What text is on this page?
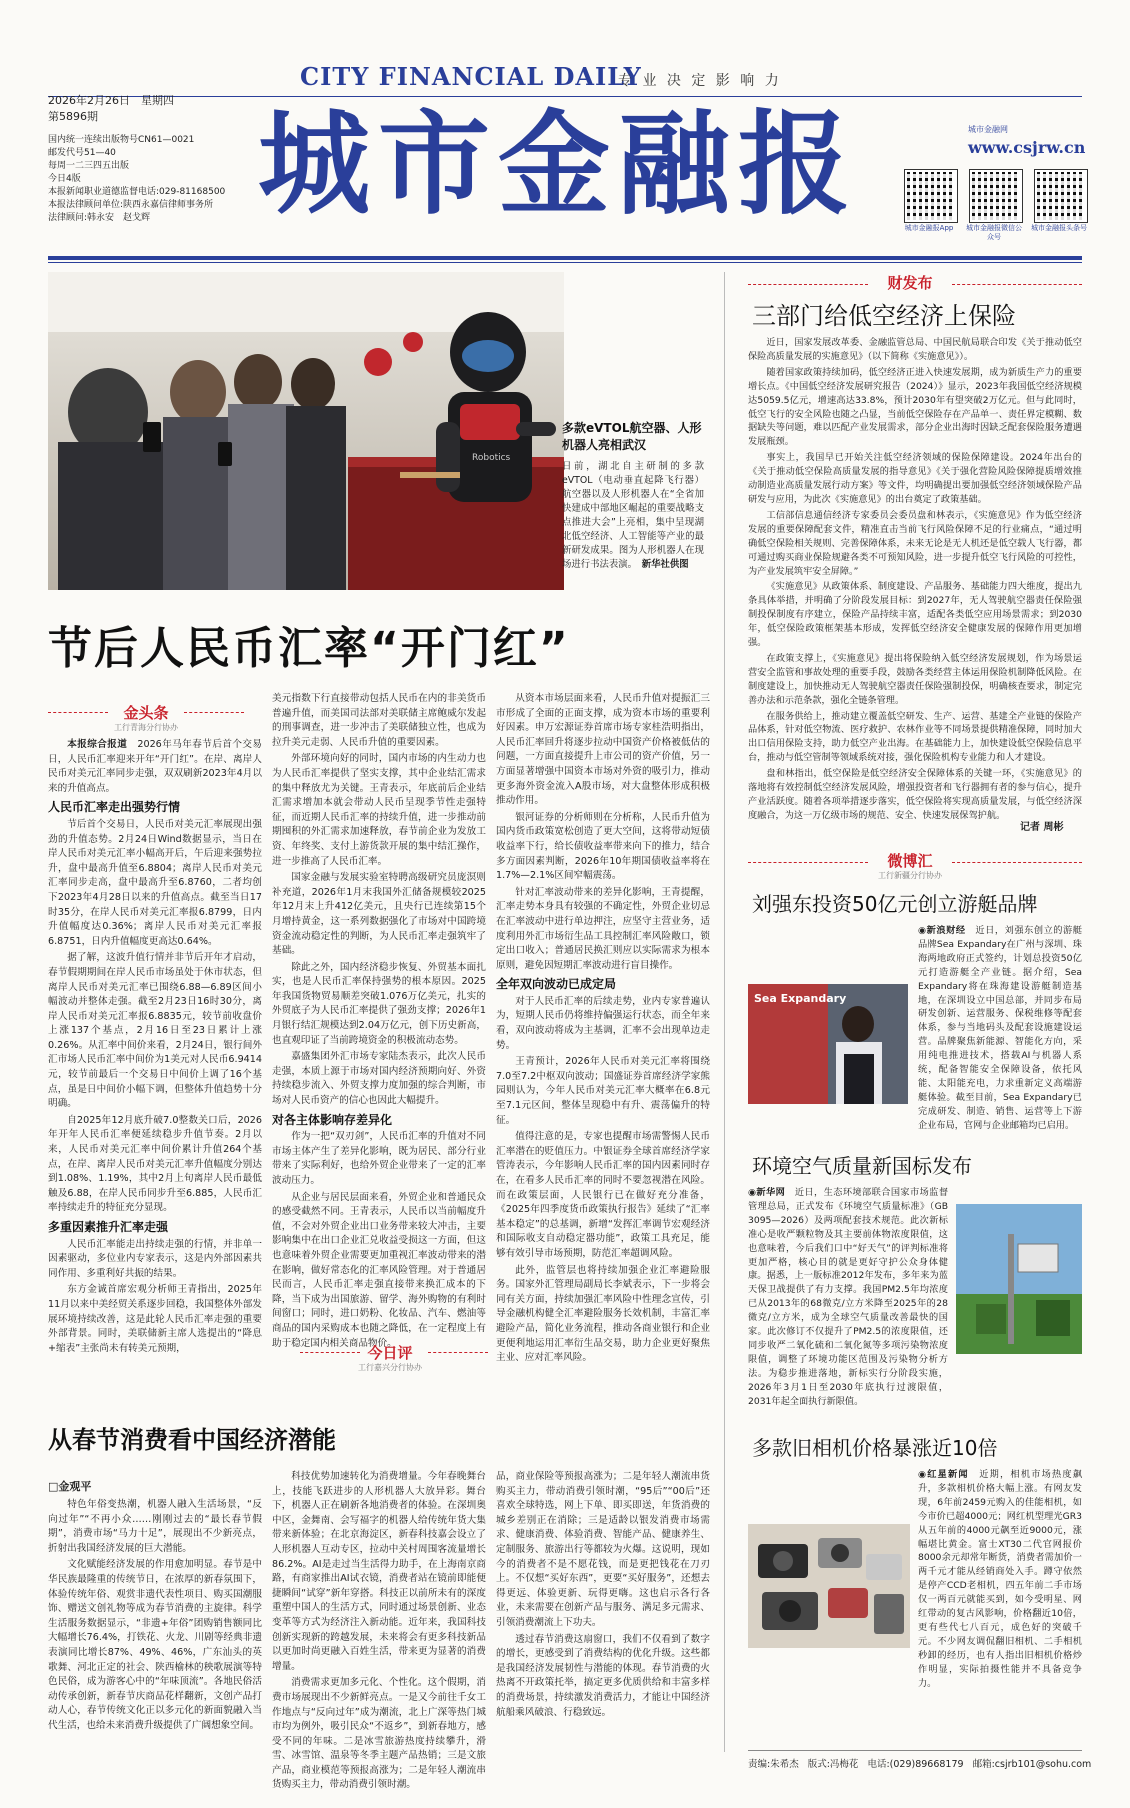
CITY FINANCIAL DAILY
专 业 决 定 影 响 力
2026年2月26日　 星期四
第5896期
国内统一连续出版物号CN61—0021
邮发代号51—40
每周一二三四五出版
今日4版
本报新闻职业道德监督电话:029-81168500
本报法律顾问单位:陕西永嘉信律师事务所
法律顾问:韩永安　赵戈辉 城市金融报	城市金融网
www.csjrw.cn
城市金融报App	城市金融报微信公众号
城市金融报头条号
Robotics
多款eVTOL航空器、人形机器人亮相武汉
日前，湖北自主研制的多款eVTOL（电动垂直起降飞行器）航空器以及人形机器人在“全省加快建成中部地区崛起的重要战略支点推进大会”上亮相，集中呈现湖北低空经济、人工智能等产业的最新研发成果。图为人形机器人在现场进行书法表演。　 新华社供图
节后人民币汇率“开门红”
金头条
工行青海分行协办

本报综合报道　 2026年马年春节后首个交易日，人民币汇率迎来开年“开门红”。在岸、离岸人民币对美元汇率同步走强，双双刷新2023年4月以来的升值高点。

人民币汇率走出强势行情

节后首个交易日，人民币对美元汇率展现出强劲的升值态势。2月24日Wind数据显示，当日在岸人民币对美元汇率小幅高开后，午后迎来强势拉升，盘中最高升值至6.8804；离岸人民币对美元汇率同步走高，盘中最高升至6.8760，二者均创下2023年4月28日以来的升值高点。截至当日17时35分，在岸人民币对美元汇率报6.8799，日内升值幅度达0.36%；离岸人民币对美元汇率报6.8751，日内升值幅度更高达0.64%。

据了解，这波升值行情并非节后开年才启动，春节假期期间在岸人民币市场虽处于休市状态，但离岸人民币对美元汇率已围绕6.88—6.89区间小幅波动并整体走强。截至2月23日16时30分，离岸人民币对美元汇率报6.8835元，较节前收盘价上涨137个基点，2月16日至23日累计上涨0.26%。从汇率中间价来看，2月24日，银行间外汇市场人民币汇率中间价为1美元对人民币6.9414元，较节前最后一个交易日中间价上调了16个基点，虽是日中间价小幅下调，但整体升值趋势十分明确。

自2025年12月底升破7.0整数关口后，2026年开年人民币汇率便延续稳步升值节奏。2月以来，人民币对美元汇率中间价累计升值264个基点，在岸、离岸人民币对美元汇率升值幅度分别达到1.08%、1.19%，其中2月上旬离岸人民币最低触及6.88，在岸人民币同步升至6.885，人民币汇率持续走升的特征充分显现。

多重因素推升汇率走强

人民币汇率能走出持续走强的行情，并非单一因素驱动，多位业内专家表示，这是内外部因素共同作用、多重利好共振的结果。

东方金诚首席宏观分析师王青指出，2025年11月以来中美经贸关系逐步回稳，我国整体外部发展环境持续改善，这是此轮人民币汇率走强的重要外部背景。同时，美联储新主席人选提出的“降息+缩表”主张尚未有转美元预期，

美元指数下行直接带动包括人民币在内的非美货币普遍升值，而美国司法部对美联储主席鲍威尔发起的刑事调查，进一步冲击了美联储独立性，也成为拉升美元走弱、人民币升值的重要因素。

外部环境向好的同时，国内市场的内生动力也为人民币汇率提供了坚实支撑，其中企业结汇需求的集中释放尤为关键。王青表示，年底前后企业结汇需求增加本就会带动人民币呈现季节性走强特征，而近期人民币汇率的持续升值，进一步推动前期囤积的外汇需求加速释放，春节前企业为发放工资、年终奖、支付上游货款开展的集中结汇操作，进一步推高了人民币汇率。

国家金融与发展实验室特聘高级研究员庞溟则补充道，2026年1月末我国外汇储备规模较2025年12月末上升412亿美元，且央行已连续第15个月增持黄金，这一系列数据强化了市场对中国跨境资金流动稳定性的判断，为人民币汇率走强筑牢了基础。

除此之外，国内经济稳步恢复、外贸基本面扎实，也是人民币汇率保持强势的根本原因。2025年我国货物贸易顺差突破1.076万亿美元，扎实的外贸底子为人民币汇率提供了强劲支撑；2026年1月银行结汇规模达到2.04万亿元，创下历史新高，也直观印证了当前跨境资金的积极流动态势。

嘉盛集团外汇市场专家陆杰表示，此次人民币走强，本质上源于市场对国内经济预期向好、外资持续稳步流入、外贸支撑力度加强的综合判断，市场对人民币资产的信心也因此大幅提升。

对各主体影响存差异化

作为一把“双刃剑”，人民币汇率的升值对不同市场主体产生了差异化影响，既为居民、部分行业带来了实际利好，也给外贸企业带来了一定的汇率波动压力。

从企业与居民层面来看，外贸企业和普通民众的感受截然不同。王青表示，人民币以当前幅度升值，不会对外贸企业出口业务带来较大冲击，主要影响集中在出口企业汇兑收益受损这一方面，但这也意味着外贸企业需要更加重视汇率波动带来的潜在影响，做好常态化的汇率风险管理。对于普通居民而言，人民币汇率走强直接带来换汇成本的下降，当下成为出国旅游、留学、海外购物的有利时间窗口；同时，进口奶粉、化妆品、汽车、燃油等商品的国内采购成本也随之降低，在一定程度上有助于稳定国内相关商品物价。

从资本市场层面来看，人民币升值对提振汇三市形成了全面的正面支撑，成为资本市场的重要利好因素。申万宏源证券首席市场专家桂浩明指出，人民币汇率回升将逐步拉动中国资产价格被低估的问题，一方面直接提升上市公司的资产价值，另一方面显著增强中国资本市场对外资的吸引力，推动更多海外资金流入A股市场，对大盘整体形成积极推动作用。

银河证券的分析师则在分析称，人民币升值为国内货币政策宽松创造了更大空间，这将带动短债收益率下行，给长债收益率带来向下的推力，结合多方面因素判断，2026年10年期国债收益率将在1.7%—2.1%区间窄幅震荡。

针对汇率波动带来的差异化影响，王青提醒，汇率走势本身具有较强的不确定性，外贸企业切忌在汇率波动中进行单边押注，应坚守主营业务，适度利用外汇市场衍生品工具控制汇率风险敞口，锁定出口收入；普通居民换汇则应以实际需求为根本原则，避免因短期汇率波动进行盲目操作。

全年双向波动已成定局

对于人民币汇率的后续走势，业内专家普遍认为，短期人民币仍将维持偏强运行状态，而全年来看，双向波动将成为主基调，汇率不会出现单边走势。

王青预计，2026年人民币对美元汇率将围绕7.0至7.2中枢双向波动；国盛证券首席经济学家熊园则认为，今年人民币对美元汇率大概率在6.8元至7.1元区间，整体呈现稳中有升、震荡偏升的特征。

值得注意的是，专家也提醒市场需警惕人民币汇率潜在的贬值压力。中银证券全球首席经济学家管涛表示，今年影响人民币汇率的国内因素同时存在，在看多人民币汇率的同时不要忽视潜在风险。而在政策层面，人民银行已在做好充分准备，《2025年四季度货币政策执行报告》延续了“汇率基本稳定”的总基调，新增“发挥汇率调节宏观经济和国际收支自动稳定器功能”，政策工具充足，能够有效引导市场预期，防范汇率超调风险。

此外，监管层也将持续加强企业汇率避险服务。国家外汇管理局副局长李斌表示，下一步将会同有关方面，持续加强汇率风险中性理念宣传，引导金融机构健全汇率避险服务长效机制，丰富汇率避险产品，简化业务流程，推动各商业银行和企业更便利地运用汇率衍生品交易，助力企业更好聚焦主业、应对汇率风险。

今日评
工行嘉兴分行协办
从春节消费看中国经济潜能
□金观平

特色年俗变热潮，机器人融入生活场景，“反向过年”“不再小众……刚刚过去的“最长春节假期”，消费市场“马力十足”，展现出不少新亮点，折射出我国经济发展的巨大潜能。

文化赋能经济发展的作用愈加明显。春节是中华民族最隆重的传统节日，在浓厚的新春氛围下，体验传统年俗、观赏非遗代表性项目、购买国潮服饰、赠送文创礼物等成为春节消费的主旋律。科学生活服务数据显示，“非遗+年俗”团购销售额同比大幅增长76.4%，打铁花、火龙、川剧等经典非遗表演同比增长87%、49%、46%，广东汕头的英歌舞、河北正定的社会、陕西榆林的秧歌展演等特色民俗，成为游客心中的“年味顶流”。各地民俗活动传承创新，新春节庆商品花样翻新，文创产品打动人心，春节传统文化正以多元化的新面貌融入当代生活，也给未来消费升级提供了广阔想象空间。

科技优势加速转化为消费增量。今年春晚舞台上，技能飞跃进步的人形机器人大放异彩。舞台下，机器人正在刷新各地消费者的体验。在深圳奥中区，金舞南、会写福字的机器人给传统年货大集带来新体验；在北京海淀区，新春科技嘉会设立了人形机器人互动专区，拉动中关村周围客流量增长86.2%。AI是走过当生活得力助手，在上海南京商路，有商家推出AI试衣镜，消费者站在镜前即能便捷瞬间“试穿”新年穿搭。科技正以前所未有的深度重塑中国人的生活方式，同时通过场景创新、业态变革等方式为经济注入新动能。近年来，我国科技创新实现新的跨越发展，未来将会有更多科技新品以更加时尚更融入百姓生活，带来更为显著的消费增量。

消费需求更加多元化、个性化。这个假期，消费市场展现出不少新鲜亮点。一是又今前往千女工作地点与“反向过年”成为潮流，北上广深等热门城市均为例外，吸引民众“不返乡”，到新春地方，感受不同的年味。二是冰雪旅游热度持续攀升，滑雪、冰雪馆、温泉等冬季主题产品热销；三是文旅产品，商业模范等预报高涨为；二是年轻人潮流串货购买主力，带动消费引领时潮。

品，商业保险等预报高涨为；二是年轻人潮流串货购买主力，带动消费引领时潮，“95后”“00后”还喜欢全球特选，网上下单、即买即送，年货消费的城乡差别正在消除；三是适龄以银发消费市场需求、健康消费、体验消费、智能产品、健康养生、定制服务、旅游出行等都较为火爆。这说明，现如今的消费者不是不愿花钱，而是更把钱花在刀刃上。不仅想“买好东西”，更要“买好服务”，还想去得更远、体验更新、玩得更嗨。这也启示各行各业，未来需要在创新产品与服务、满足多元需求、引领消费潮流上下功夫。

透过春节消费这扇窗口，我们不仅看到了数字的增长，更感受到了消费结构的优化升级。这些都是我国经济发展韧性与潜能的体现。春节消费的火热离不开政策托举，搞定更多优质供给和丰富多样的消费场景，持续激发消费活力，才能让中国经济航船乘风破浪、行稳致远。

财发布
三部门给低空经济上保险

近日，国家发展改革委、金融监管总局、中国民航局联合印发《关于推动低空保险高质量发展的实施意见》（以下简称《实施意见》）。

随着国家政策持续加码，低空经济正进入快速发展期，成为新质生产力的重要增长点。《中国低空经济发展研究报告（2024）》显示，2023年我国低空经济规模达5059.5亿元，增速高达33.8%，预计2030年有望突破2万亿元。但与此同时，低空飞行的安全风险也随之凸显，当前低空保险存在产品单一、责任界定模糊、数据缺失等问题，难以匹配产业发展需求，部分企业出海时因缺乏配套保险服务遭遇发展瓶颈。

事实上，我国早已开始关注低空经济领域的保险保障建设。2024年出台的《关于推动低空保险高质量发展的指导意见》《关于强化营险风险保障提质增效推动制造业高质量发展行动方案》等文件，均明确提出要加强低空经济领域保险产品研发与应用，为此次《实施意见》的出台奠定了政策基础。

工信部信息通信经济专家委员会委员盘和林表示，《实施意见》作为低空经济发展的重要保障配套文件，精准直击当前飞行风险保障不足的行业痛点，“通过明确低空保险相关规则、完善保障体系，未来无论是无人机还是低空载人飞行器，都可通过购买商业保险规避各类不可预知风险，进一步提升低空飞行风险的可控性，为产业发展筑牢安全屏障。”

《实施意见》从政策体系、制度建设、产品服务、基础能力四大维度，提出九条具体举措，并明确了分阶段发展目标：到2027年，无人驾驶航空器责任保险强制投保制度有序建立，保险产品持续丰富，适配各类低空应用场景需求；到2030年，低空保险政策框架基本形成，发挥低空经济安全健康发展的保障作用更加增强。

在政策支撑上，《实施意见》提出将保险纳入低空经济发展规划，作为场景运营安全监管和事故处理的重要手段，鼓励各类经营主体运用保险机制降低风险。在制度建设上，加快推动无人驾驶航空器责任保险强制投保，明确核查要求，制定完善办法和示范条款，强化全链条管理。

在服务供给上，推动建立覆盖低空研发、生产、运营、基建全产业链的保险产品体系，针对低空物流、医疗救护、农林作业等不同场景提供精准保障，同时加大出口信用保险支持，助力低空产业出海。在基础能力上，加快建设低空保险信息平台，推动与低空管制等领域系统对接，强化保险机构专业能力和人才建设。

盘和林指出，低空保险是低空经济安全保障体系的关键一环，《实施意见》的落地将有效控制低空经济发展风险，增强投资者和飞行器拥有者的参与信心，提升产业活跃度。随着各项举措逐步落实，低空保险将实现高质量发展，与低空经济深度融合，为这一万亿级市场的规范、安全、快速发展保驾护航。

记者 周彬
微博汇
工行新疆分行协办
刘强东投资50亿元创立游艇品牌
Sea Expandary

◉新浪财经　 近日，刘强东创立的游艇品牌Sea Expandary在广州与深圳、珠海两地政府正式签约，计划总投资50亿元打造游艇全产业链。据介绍，Sea Expandary将在珠海建设游艇制造基地，在深圳设立中国总部，并同步布局研发创新、运营服务、保税维修等配套体系，参与当地码头及配套设施建设运营。品牌聚焦新能源、智能化方向，采用纯电推进技术，搭载AI与机器人系统，配备智能安全保障设备，依托风能、太阳能充电，力求重新定义高端游艇体验。截至目前，Sea Expandary已完成研发、制造、销售、运营等上下游企业布局，官网与企业邮箱均已启用。

环境空气质量新国标发布

◉新华网　 近日，生态环境部联合国家市场监督管理总局，正式发布《环境空气质量标准》（GB 3095—2026）及两项配套技术规范。此次新标准心是收严颗粒物及其主要前体物浓度限值，这也意味着，今后我们口中“好天气”的评判标准将更加严格，核心目的就是更好守护公众身体健康。据悉，上一版标准2012年发布，多年来为蓝天保卫战提供了有力支撑。我国PM2.5年均浓度已从2013年的68微克/立方米降至2025年的28微克/立方米，成为全球空气质量改善最快的国家。此次修订不仅提升了PM2.5的浓度限值，还同步收严二氧化硫和二氧化氮等多项污染物浓度限值，调整了环境功能区范围及污染物分析方法。为稳步推进落地，新标实行分阶段实施，2026年3月1日至2030年底执行过渡限值，2031年起全面执行新限值。

多款旧相机价格暴涨近10倍

◉红星新闻　 近期，相机市场热度飙升，多款相机价格大幅上涨。有网友发现，6年前2459元购入的佳能相机，如今市价已超4000元；网红机型理光GR3从五年前的4000元飙至近9000元，涨幅堪比黄金。富士XT30二代官网报价8000余元却常年断货，消费者需加价一两千元才能从经销商处入手。蹲守依然是停产CCD老相机，四五年前二手市场仅一两百元就能买到，如今受明星、网红带动的复古风影响，价格翻近10倍，更有些代七八百元，成色好的突破千元。不少网友调侃翻旧相机、二手相机秒卸的经历，也有人指出旧相机价格炒作明显，实际拍摄性能并不具备竞争力。

责编:朱希杰 版式:冯梅花 电话:(029)89668179 邮箱:csjrb101@sohu.com
